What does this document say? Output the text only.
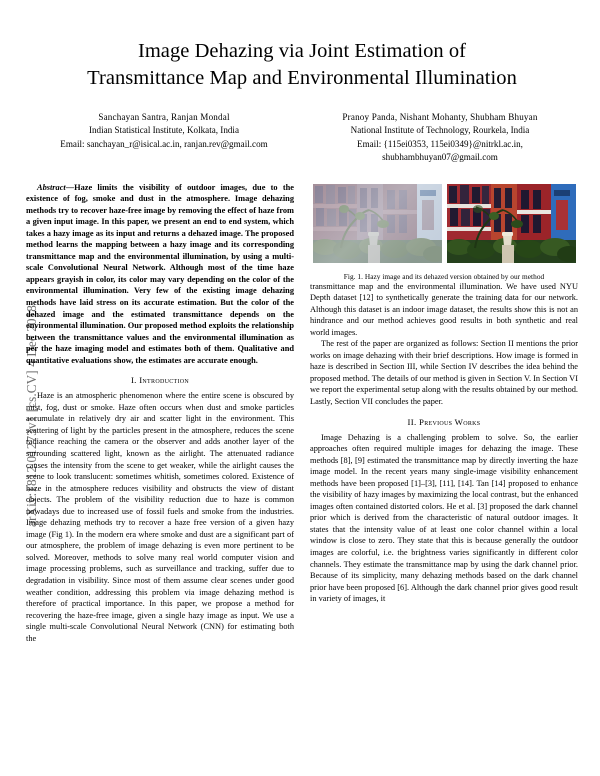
arXiv:1812.01273v1 [cs.CV] 4 Dec 2018
Image Dehazing via Joint Estimation of
Transmittance Map and Environmental Illumination
Sanchayan Santra, Ranjan Mondal
Indian Statistical Institute, Kolkata, India
Email: sanchayan_r@isical.ac.in, ranjan.rev@gmail.com
Pranoy Panda, Nishant Mohanty, Shubham Bhuyan
National Institute of Technology, Rourkela, India
Email: {115ei0353, 115ei0349}@nitrkl.ac.in,
shubhambhuyan07@gmail.com

Abstract—Haze limits the visibility of outdoor images, due to the existence of fog, smoke and dust in the atmosphere. Image dehazing methods try to recover haze-free image by removing the effect of haze from a given input image. In this paper, we present an end to end system, which takes a hazy image as its input and returns a dehazed image. The proposed method learns the mapping between a hazy image and its corresponding transmittance map and the environmental illumination, by using a multi-scale Convolutional Neural Network. Although most of the time haze appears grayish in color, its color may vary depending on the color of the environmental illumination. Very few of the existing image dehazing methods have laid stress on its accurate estimation. But the color of the dehazed image and the estimated transmittance depends on the environmental illumination. Our proposed method exploits the relationship between the transmittance values and the environmental illumination as per the haze imaging model and estimates both of them. Qualitative and quantitative evaluations show, the estimates are accurate enough.

I. Introduction

Haze is an atmospheric phenomenon where the entire scene is obscured by mist, fog, dust or smoke. Haze often occurs when dust and smoke particles accumulate in relatively dry air and scatter light in the environment. This scattering of light by the particles present in the atmosphere, reduces the scene radiance reaching the camera or the observer and adds another layer of the surrounding scattered light, known as the airlight. The attenuated radiance causes the intensity from the scene to get weaker, while the airlight causes the scene to look translucent: sometimes whitish, sometimes colored. Existence of haze in the atmosphere reduces visibility and obstructs the view of distant objects. The problem of the visibility reduction due to haze is common nowadays due to increased use of fossil fuels and smoke from the industries. Image dehazing methods try to recover a haze free version of a given hazy image (Fig 1). In the modern era where smoke and dust are a significant part of our atmosphere, the problem of image dehazing is even more pertinent to be solved. Moreover, methods to solve many real world computer vision and image processing problems, such as surveillance and tracking, suffer due to degradation in visibility. Since most of them assume clear scenes under good weather condition, addressing this problem via image dehazing method is therefore of practical importance. In this paper, we propose a method for recovering the haze-free image, given a single hazy image as input. We use a single multi-scale Convolutional Neural Network (CNN) for estimating both the

Fig. 1. Hazy image and its dehazed version obtained by our method

transmittance map and the environmental illumination. We have used NYU Depth dataset [12] to synthetically generate the training data for our network. Although this dataset is an indoor image dataset, the results show this is not an hindrance and our method achieves good results in both synthetic and real world images.

The rest of the paper are organized as follows: Section II mentions the prior works on image dehazing with their brief descriptions. How image is formed in haze is described in Section III, while Section IV describes the idea behind the proposed method. The details of our method is given in Section V. In Section VI we report the experimental setup along with the results obtained by our method. Lastly, Section VII concludes the paper.

II. Previous Works

Image Dehazing is a challenging problem to solve. So, the earlier approaches often required multiple images for dehazing the image. These methods [8], [9] estimated the transmittance map by directly inverting the haze image model. In the recent years many single-image visibility enhancement methods have been proposed [1]–[3], [11], [14]. Tan [14] proposed to enhance the visibility of hazy images by maximizing the local contrast, but the enhanced images often contained distorted colors. He et al. [3] proposed the dark channel prior which is derived from the characteristic of natural outdoor images. It states that the intensity value of at least one color channel within a local window is close to zero. They state that this is because generally the outdoor images are colorful, i.e. the brightness varies significantly in different color channels. They estimate the transmittance map by using the dark channel prior. Because of its simplicity, many dehazing methods based on the dark channel prior have been proposed [6]. Although the dark channel prior gives good result in variety of images, it
